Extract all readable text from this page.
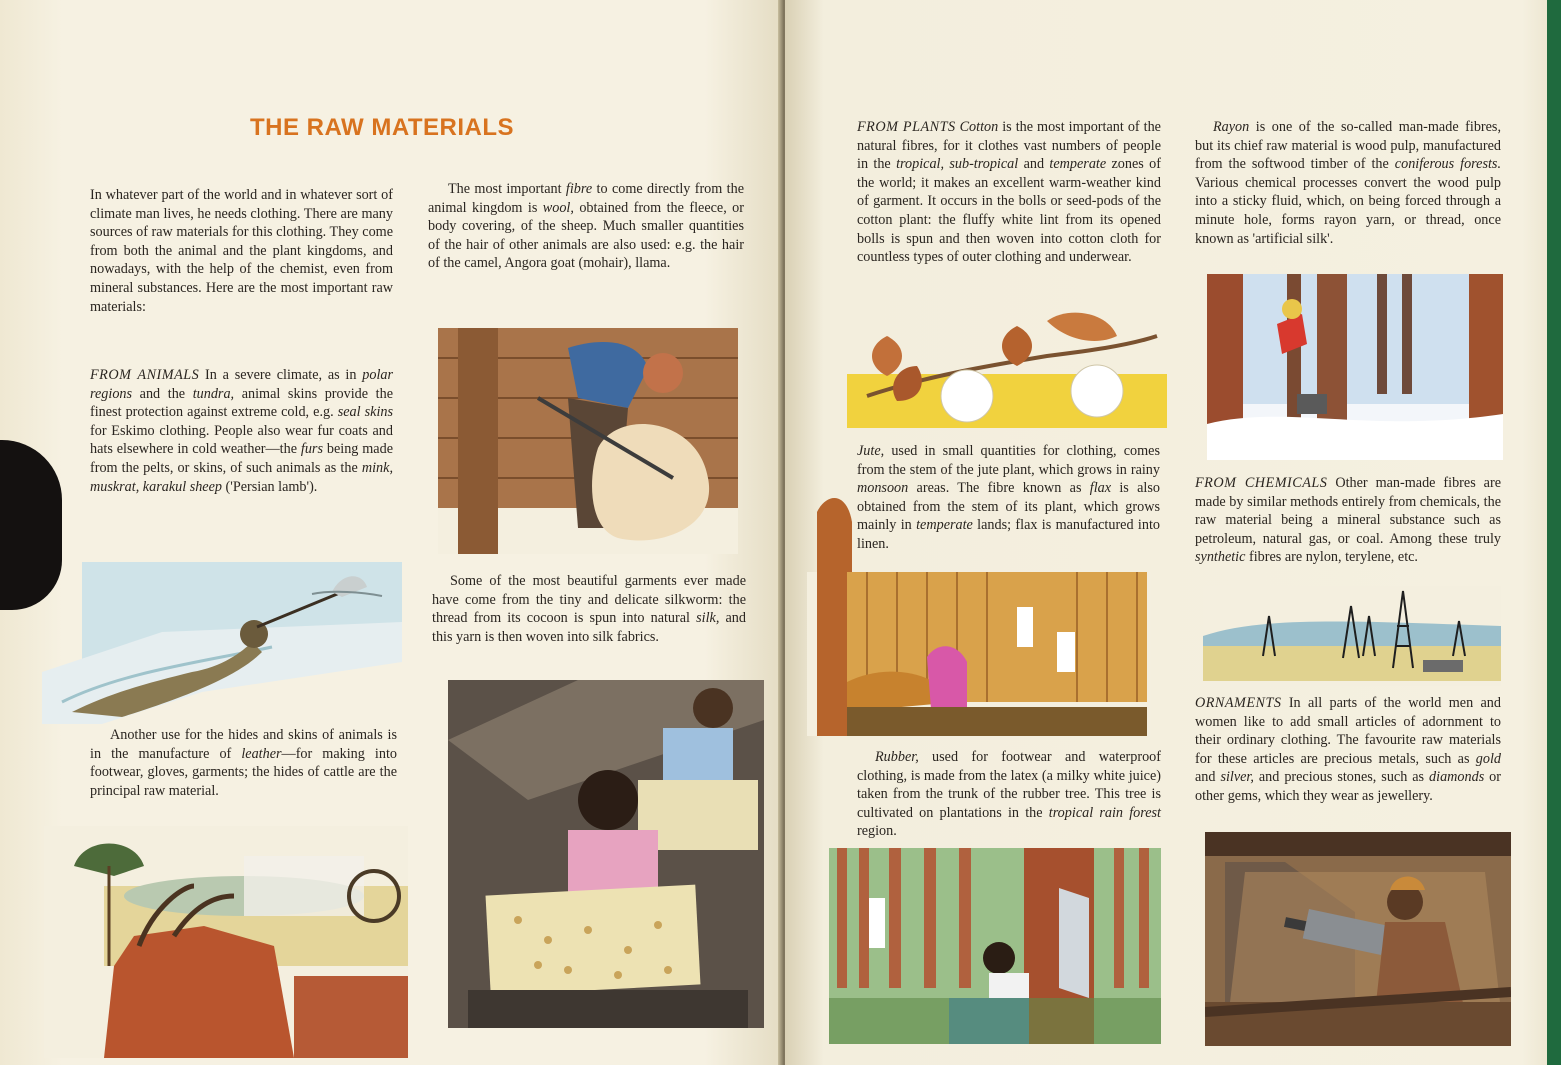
THE RAW MATERIALS

In whatever part of the world and in whatever sort of climate man lives, he needs clothing. There are many sources of raw materials for this clothing. They come from both the animal and the plant kingdoms, and nowadays, with the help of the chemist, even from mineral substances. Here are the most important raw materials:

FROM ANIMALS In a severe climate, as in polar regions and the tundra, animal skins provide the finest protection against extreme cold, e.g. seal skins for Eskimo clothing. People also wear fur coats and hats elsewhere in cold weather—the furs being made from the pelts, or skins, of such animals as the mink, muskrat, karakul sheep ('Persian lamb').

Another use for the hides and skins of animals is in the manufacture of leather—for making into footwear, gloves, garments; the hides of cattle are the principal raw material.

The most important fibre to come directly from the animal kingdom is wool, obtained from the fleece, or body covering, of the sheep. Much smaller quantities of the hair of other animals are also used: e.g. the hair of the camel, Angora goat (mohair), llama.

Some of the most beautiful garments ever made have come from the tiny and delicate silkworm: the thread from its cocoon is spun into natural silk, and this yarn is then woven into silk fabrics.

FROM PLANTS Cotton is the most important of the natural fibres, for it clothes vast numbers of people in the tropical, sub-tropical and temperate zones of the world; it makes an excellent warm-weather kind of garment. It occurs in the bolls or seed-pods of the cotton plant: the fluffy white lint from its opened bolls is spun and then woven into cotton cloth for countless types of outer clothing and underwear.

Jute, used in small quantities for clothing, comes from the stem of the jute plant, which grows in rainy monsoon areas. The fibre known as flax is also obtained from the stem of its plant, which grows mainly in temperate lands; flax is manufactured into linen.

Rubber, used for footwear and waterproof clothing, is made from the latex (a milky white juice) taken from the trunk of the rubber tree. This tree is cultivated on plantations in the tropical rain forest region.

Rayon is one of the so-called man-made fibres, but its chief raw material is wood pulp, manufactured from the softwood timber of the coniferous forests. Various chemical processes convert the wood pulp into a sticky fluid, which, on being forced through a minute hole, forms rayon yarn, or thread, once known as 'artificial silk'.

FROM CHEMICALS Other man-made fibres are made by similar methods entirely from chemicals, the raw material being a mineral substance such as petroleum, natural gas, or coal. Among these truly synthetic fibres are nylon, terylene, etc.

ORNAMENTS In all parts of the world men and women like to add small articles of adornment to their ordinary clothing. The favourite raw materials for these articles are precious metals, such as gold and silver, and precious stones, such as diamonds or other gems, which they wear as jewellery.
